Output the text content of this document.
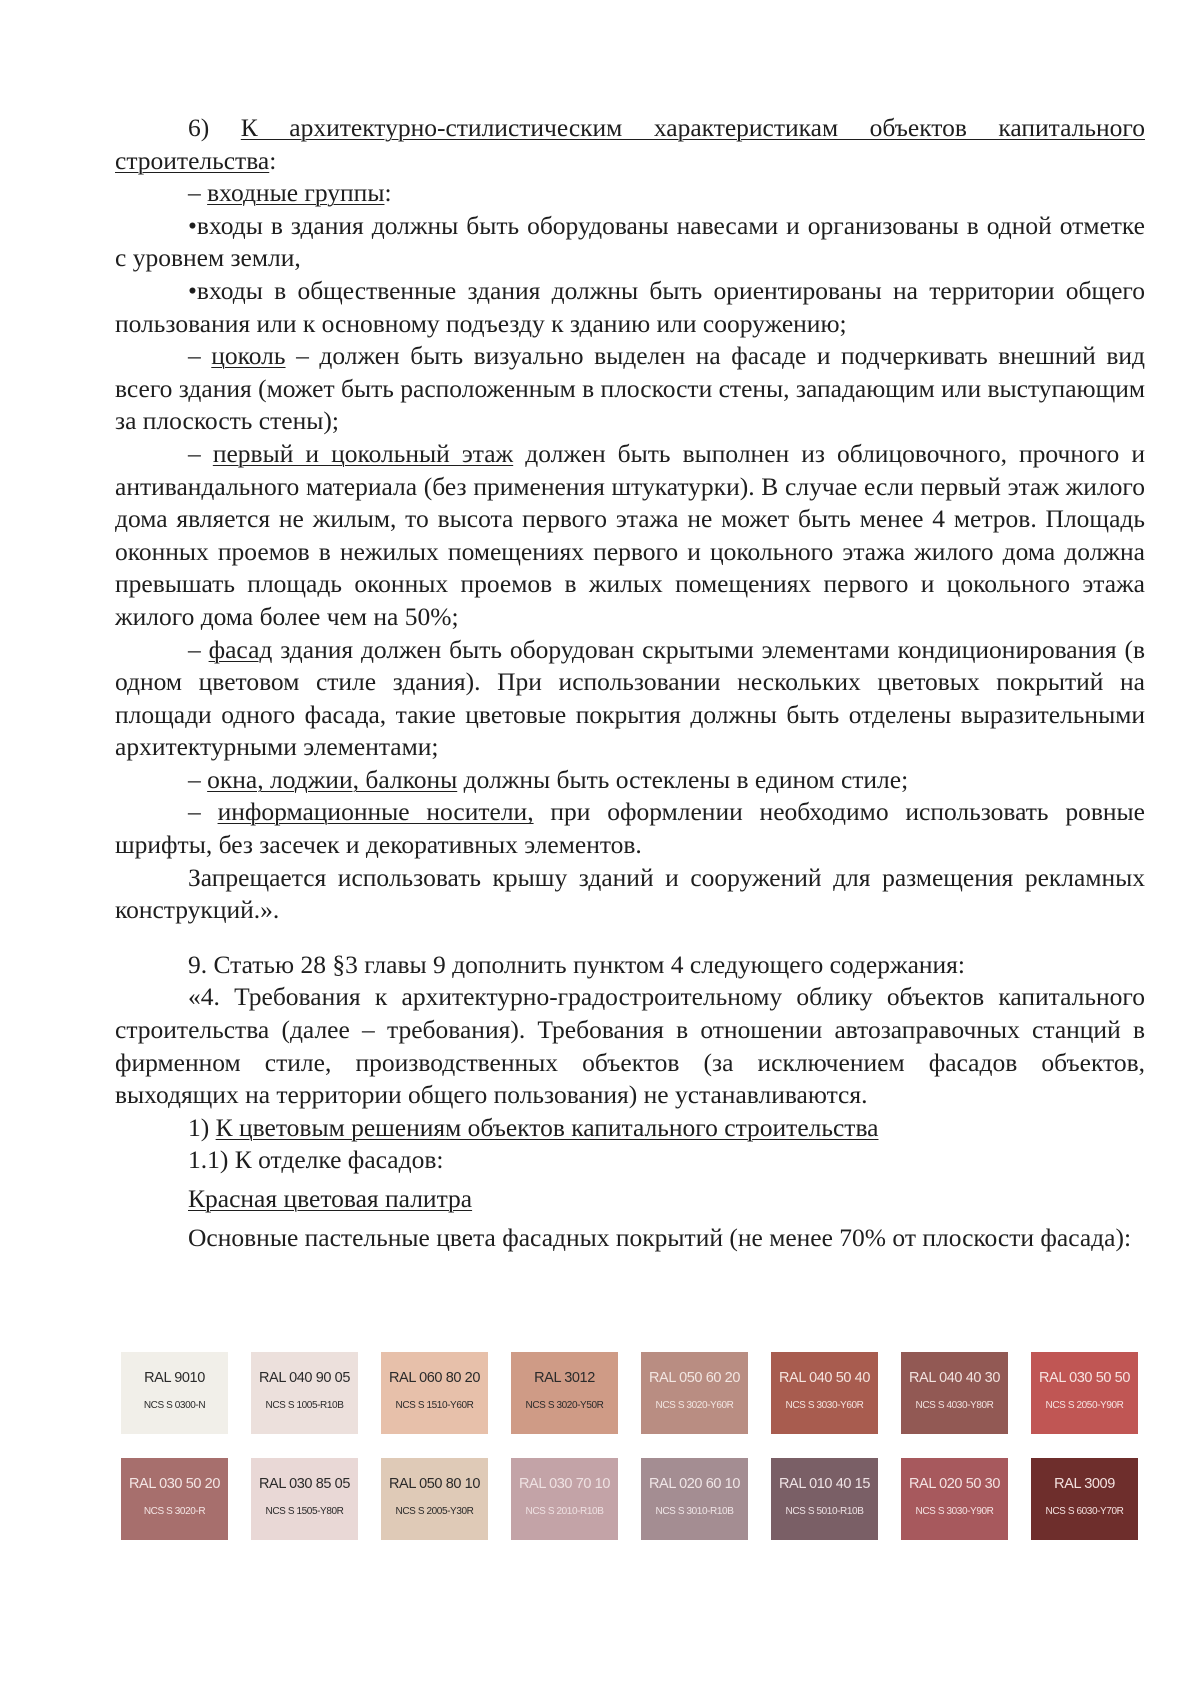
6) К архитектурно-стилистическим характеристикам объектов капитального строительства:

– входные группы:

•входы в здания должны быть оборудованы навесами и организованы в одной отметке с уровнем земли,

•входы в общественные здания должны быть ориентированы на территории общего пользования или к основному подъезду к зданию или сооружению;

– цоколь – должен быть визуально выделен на фасаде и подчеркивать внешний вид всего здания (может быть расположенным в плоскости стены, западающим или выступающим за плоскость стены);

– первый и цокольный этаж должен быть выполнен из облицовочного, прочного и антивандального материала (без применения штукатурки). В случае если первый этаж жилого дома является не жилым, то высота первого этажа не может быть менее 4 метров. Площадь оконных проемов в нежилых помещениях первого и цокольного этажа жилого дома должна превышать площадь оконных проемов в жилых помещениях первого и цокольного этажа жилого дома более чем на 50%;

– фасад здания должен быть оборудован скрытыми элементами кондиционирования (в одном цветовом стиле здания). При использовании нескольких цветовых покрытий на площади одного фасада, такие цветовые покрытия должны быть отделены выразительными архитектурными элементами;

– окна, лоджии, балконы должны быть остеклены в едином стиле;

– информационные носители, при оформлении необходимо использовать ровные шрифты, без засечек и декоративных элементов.

Запрещается использовать крышу зданий и сооружений для размещения рекламных конструкций.».

9. Статью 28 §3 главы 9 дополнить пунктом 4 следующего содержания:

«4. Требования к архитектурно-градостроительному облику объектов капитального строительства (далее – требования). Требования в отношении автозаправочных станций в фирменном стиле, производственных объектов (за исключением фасадов объектов, выходящих на территории общего пользования) не устанавливаются.

1) К цветовым решениям объектов капитального строительства

1.1) К отделке фасадов:

Красная цветовая палитра

Основные пастельные цвета фасадных покрытий (не менее 70% от плоскости фасада):

RAL 9010
NCS S 0300-N
RAL 040 90 05
NCS S 1005-R10B
RAL 060 80 20
NCS S 1510-Y60R
RAL 3012
NCS S 3020-Y50R
RAL 050 60 20
NCS S 3020-Y60R
RAL 040 50 40
NCS S 3030-Y60R
RAL 040 40 30
NCS S 4030-Y80R
RAL 030 50 50
NCS S 2050-Y90R
RAL 030 50 20
NCS S 3020-R
RAL 030 85 05
NCS S 1505-Y80R
RAL 050 80 10
NCS S 2005-Y30R
RAL 030 70 10
NCS S 2010-R10B
RAL 020 60 10
NCS S 3010-R10B
RAL 010 40 15
NCS S 5010-R10B
RAL 020 50 30
NCS S 3030-Y90R
RAL 3009
NCS S 6030-Y70R
